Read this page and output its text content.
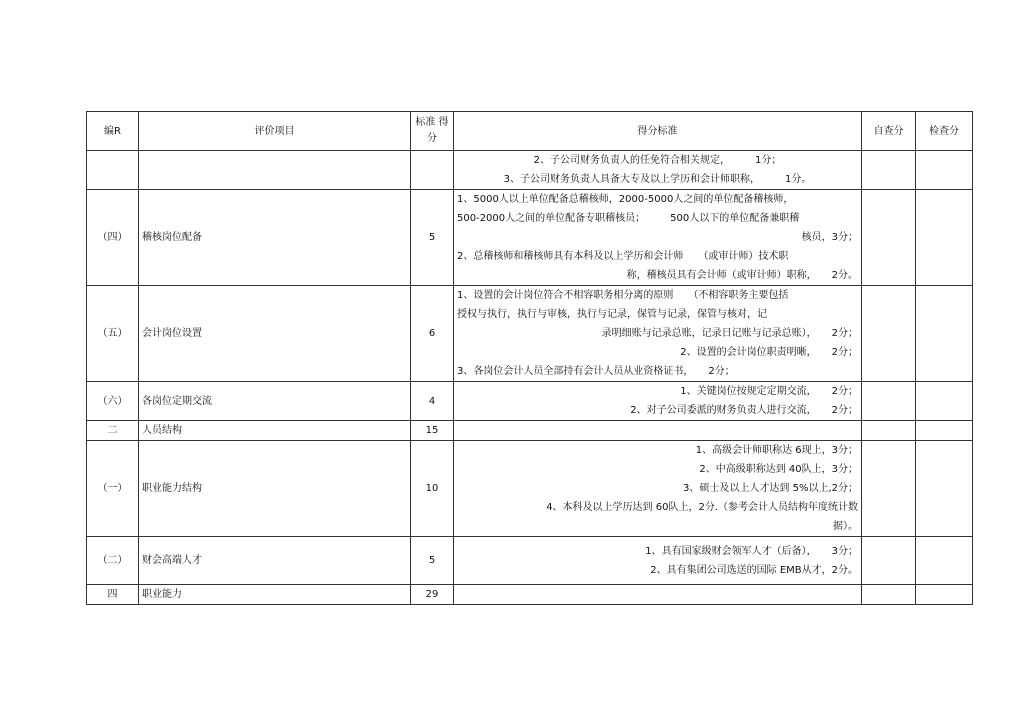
编R	评价项目	标准 得分	得分标准	自查分	检查分

			2、子公司财务负责人的任免符合相关规定，　　　1分；
3、子公司财务负责人具备大专及以上学历和会计师职称，　　　1分。		

（四）	稽核岗位配备	5	1、5000人以上单位配备总稽核师，2000-5000人之间的单位配备稽核师，
500-2000人之间的单位配备专职稽核员；　　　500人以下的单位配备兼职稽
核员，3分；
2、总稽核师和稽核师具有本科及以上学历和会计师　　（或审计师）技术职
称，稽核员具有会计师（或审计师）职称，　　2分。		

（五）	会计岗位设置	6	1、设置的会计岗位符合不相容职务相分离的原则　　（不相容职务主要包括
授权与执行，执行与审核，执行与记录，保管与记录，保管与核对，记
录明细账与记录总账，记录日记账与记录总账），　　2分；
2、设置的会计岗位职责明晰，　　2分；
3、各岗位会计人员全部持有会计人员从业资格证书，　　2分；		

（六）	各岗位定期交流	4	1、关键岗位按规定定期交流，　　2分；
2、对子公司委派的财务负责人进行交流，　　2分；		

二	人员结构	15			
（一）	职业能力结构	10	1、高级会计师职称达 6现上，3分；
2、中高级职称达到 40队上，3分；
3、硕士及以上人才达到 5%以上,2分；
4、本科及以上学历达到 60队上，2分.（参考会计人员结构年度统计数
据）。		

（二）	财会高端人才	5	1、具有国家级财会领军人才（后备），　　3分；
2、具有集团公司选送的国际 EMB从才，2分。		

四	职业能力	29			
